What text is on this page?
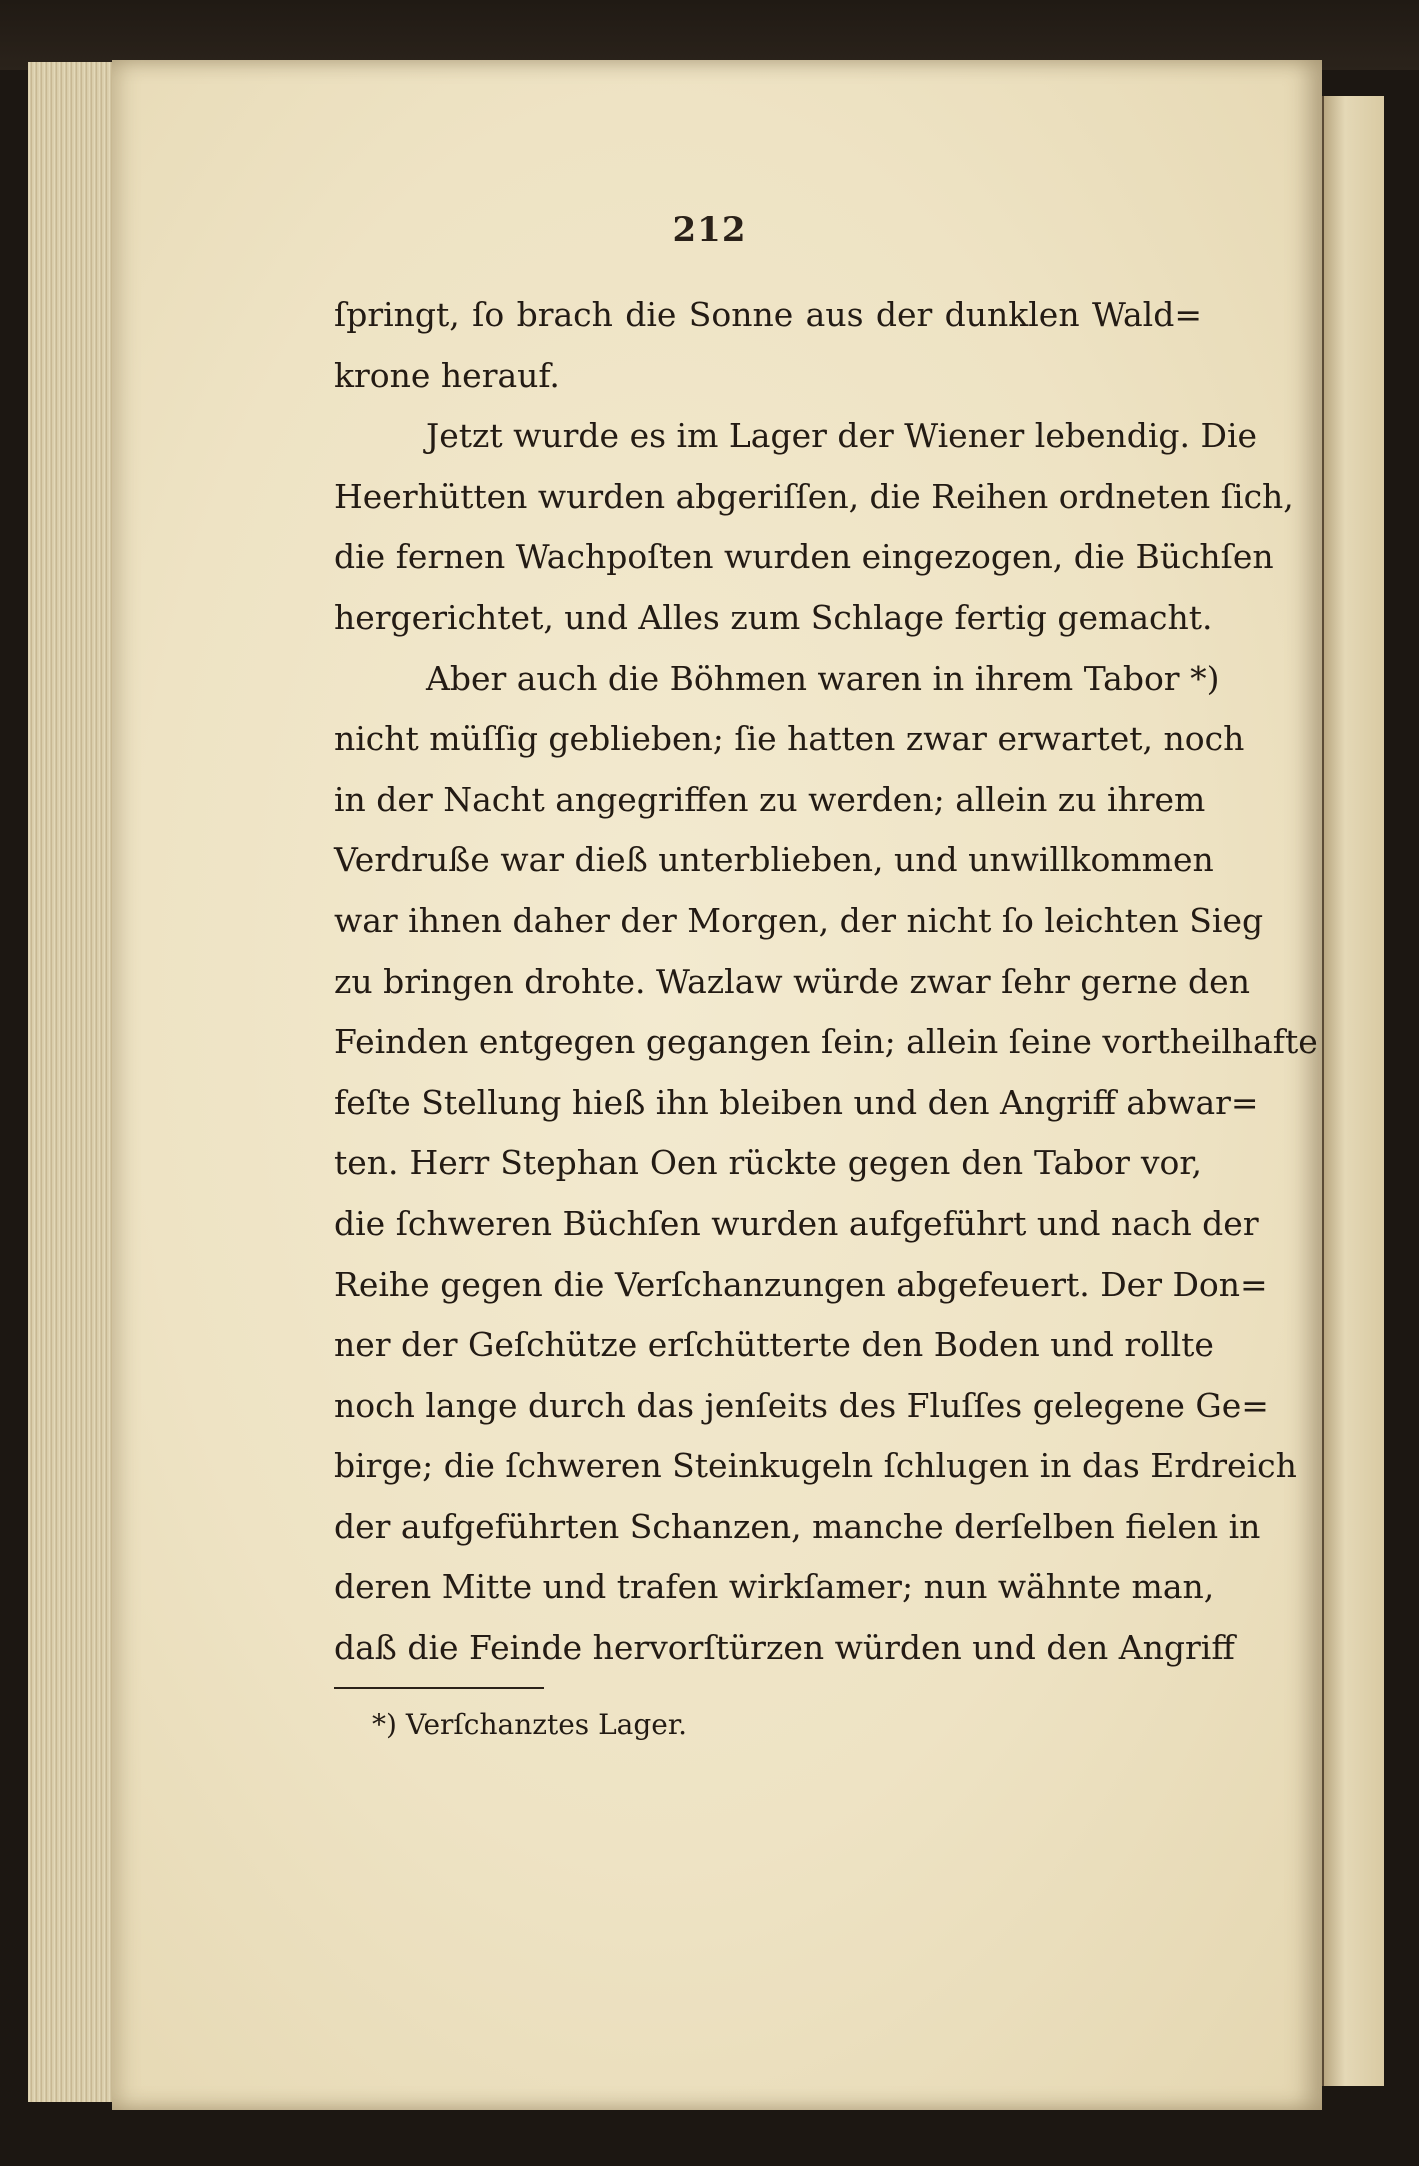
212
ſpringt, ſo brach die Sonne aus der dunklen Wald=
krone herauf.
Jetzt wurde es im Lager der Wiener lebendig. Die
Heerhütten wurden abgeriſſen, die Reihen ordneten ſich,
die fernen Wachpoſten wurden eingezogen, die Büchſen
hergerichtet, und Alles zum Schlage fertig gemacht.
Aber auch die Böhmen waren in ihrem Tabor *)
nicht müſſig geblieben; ſie hatten zwar erwartet, noch
in der Nacht angegriffen zu werden; allein zu ihrem
Verdruße war dieß unterblieben, und unwillkommen
war ihnen daher der Morgen, der nicht ſo leichten Sieg
zu bringen drohte. Wazlaw würde zwar ſehr gerne den
Feinden entgegen gegangen ſein; allein ſeine vortheilhafte
feſte Stellung hieß ihn bleiben und den Angriff abwar=
ten. Herr Stephan Oen rückte gegen den Tabor vor,
die ſchweren Büchſen wurden aufgeführt und nach der
Reihe gegen die Verſchanzungen abgefeuert. Der Don=
ner der Geſchütze erſchütterte den Boden und rollte
noch lange durch das jenſeits des Fluſſes gelegene Ge=
birge; die ſchweren Steinkugeln ſchlugen in das Erdreich
der aufgeführten Schanzen, manche derſelben fielen in
deren Mitte und trafen wirkſamer; nun wähnte man,
daß die Feinde hervorſtürzen würden und den Angriff
*) Verſchanztes Lager.
